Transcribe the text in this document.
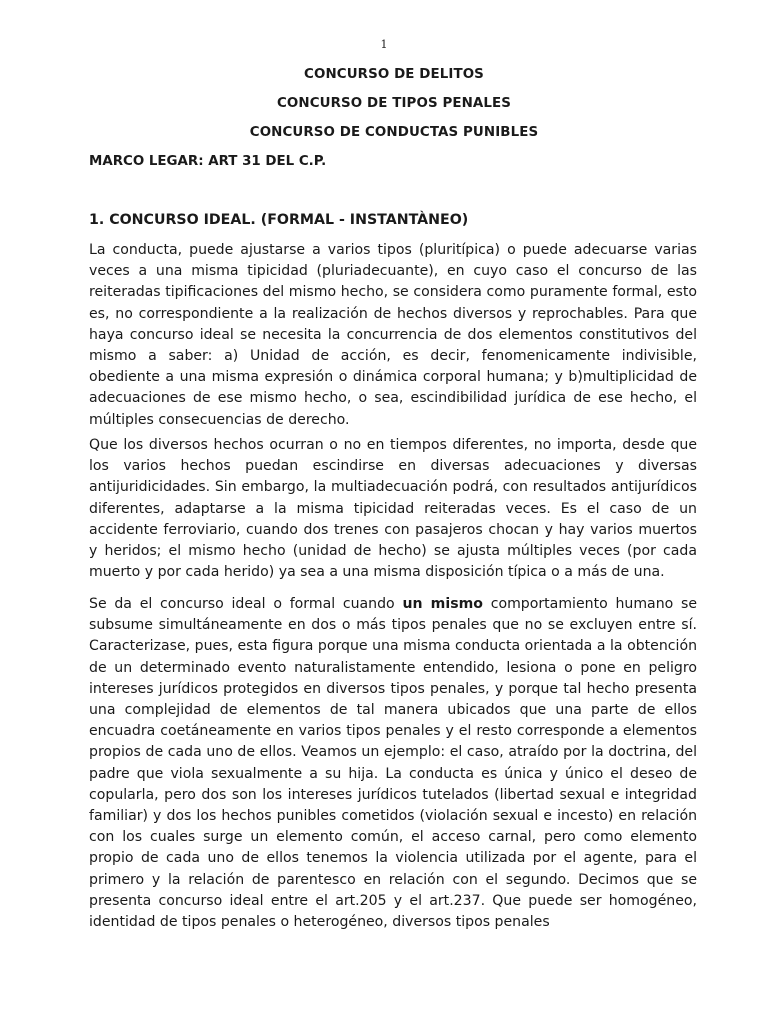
1
CONCURSO DE DELITOS
CONCURSO DE TIPOS PENALES
CONCURSO DE CONDUCTAS PUNIBLES
MARCO LEGAR: ART 31 DEL C.P.
1. CONCURSO IDEAL. (FORMAL - INSTANTÀNEO)

La conducta, puede ajustarse a varios tipos (pluritípica) o puede adecuarse varias veces a una misma tipicidad (pluriadecuante), en cuyo caso el concurso de las reiteradas tipificaciones del mismo hecho, se considera como puramente formal, esto es, no correspondiente a la realización de hechos diversos y reprochables. Para que haya concurso ideal se necesita la concurrencia de dos elementos constitutivos del mismo a saber: a) Unidad de acción, es decir, fenomenicamente indivisible, obediente a una misma expresión o dinámica corporal humana; y b)multiplicidad de adecuaciones de ese mismo hecho, o sea, escindibilidad jurídica de ese hecho, el múltiples consecuencias de derecho.

Que los diversos hechos ocurran o no en tiempos diferentes, no importa, desde que los varios hechos puedan escindirse en diversas adecuaciones y diversas antijuridicidades. Sin embargo, la multiadecuación podrá, con resultados antijurídicos diferentes, adaptarse a la misma tipicidad reiteradas veces. Es el caso de un accidente ferroviario, cuando dos trenes con pasajeros chocan y hay varios muertos y heridos; el mismo hecho (unidad de hecho) se ajusta múltiples veces (por cada muerto y por cada herido) ya sea a una misma disposición típica o a más de una.

Se da el concurso ideal o formal cuando un mismo comportamiento humano se subsume simultáneamente en dos o más tipos penales que no se excluyen entre sí. Caracterizase, pues, esta figura porque una misma conducta orientada a la obtención de un determinado evento naturalistamente entendido, lesiona o pone en peligro intereses jurídicos protegidos en diversos tipos penales, y porque tal hecho presenta una complejidad de elementos de tal manera ubicados que una parte de ellos encuadra coetáneamente en varios tipos penales y el resto corresponde a elementos propios de cada uno de ellos. Veamos un ejemplo: el caso, atraído por la doctrina, del padre que viola sexualmente a su hija. La conducta es única y único el deseo de copularla, pero dos son los intereses jurídicos tutelados (libertad sexual e integridad familiar) y dos los hechos punibles cometidos (violación sexual e incesto) en relación con los cuales surge un elemento común, el acceso carnal, pero como elemento propio de cada uno de ellos tenemos la violencia utilizada por el agente, para el primero y la relación de parentesco en relación con el segundo. Decimos que se presenta concurso ideal entre el art.205 y el art.237. Que puede ser homogéneo, identidad de tipos penales o heterogéneo, diversos tipos penales
